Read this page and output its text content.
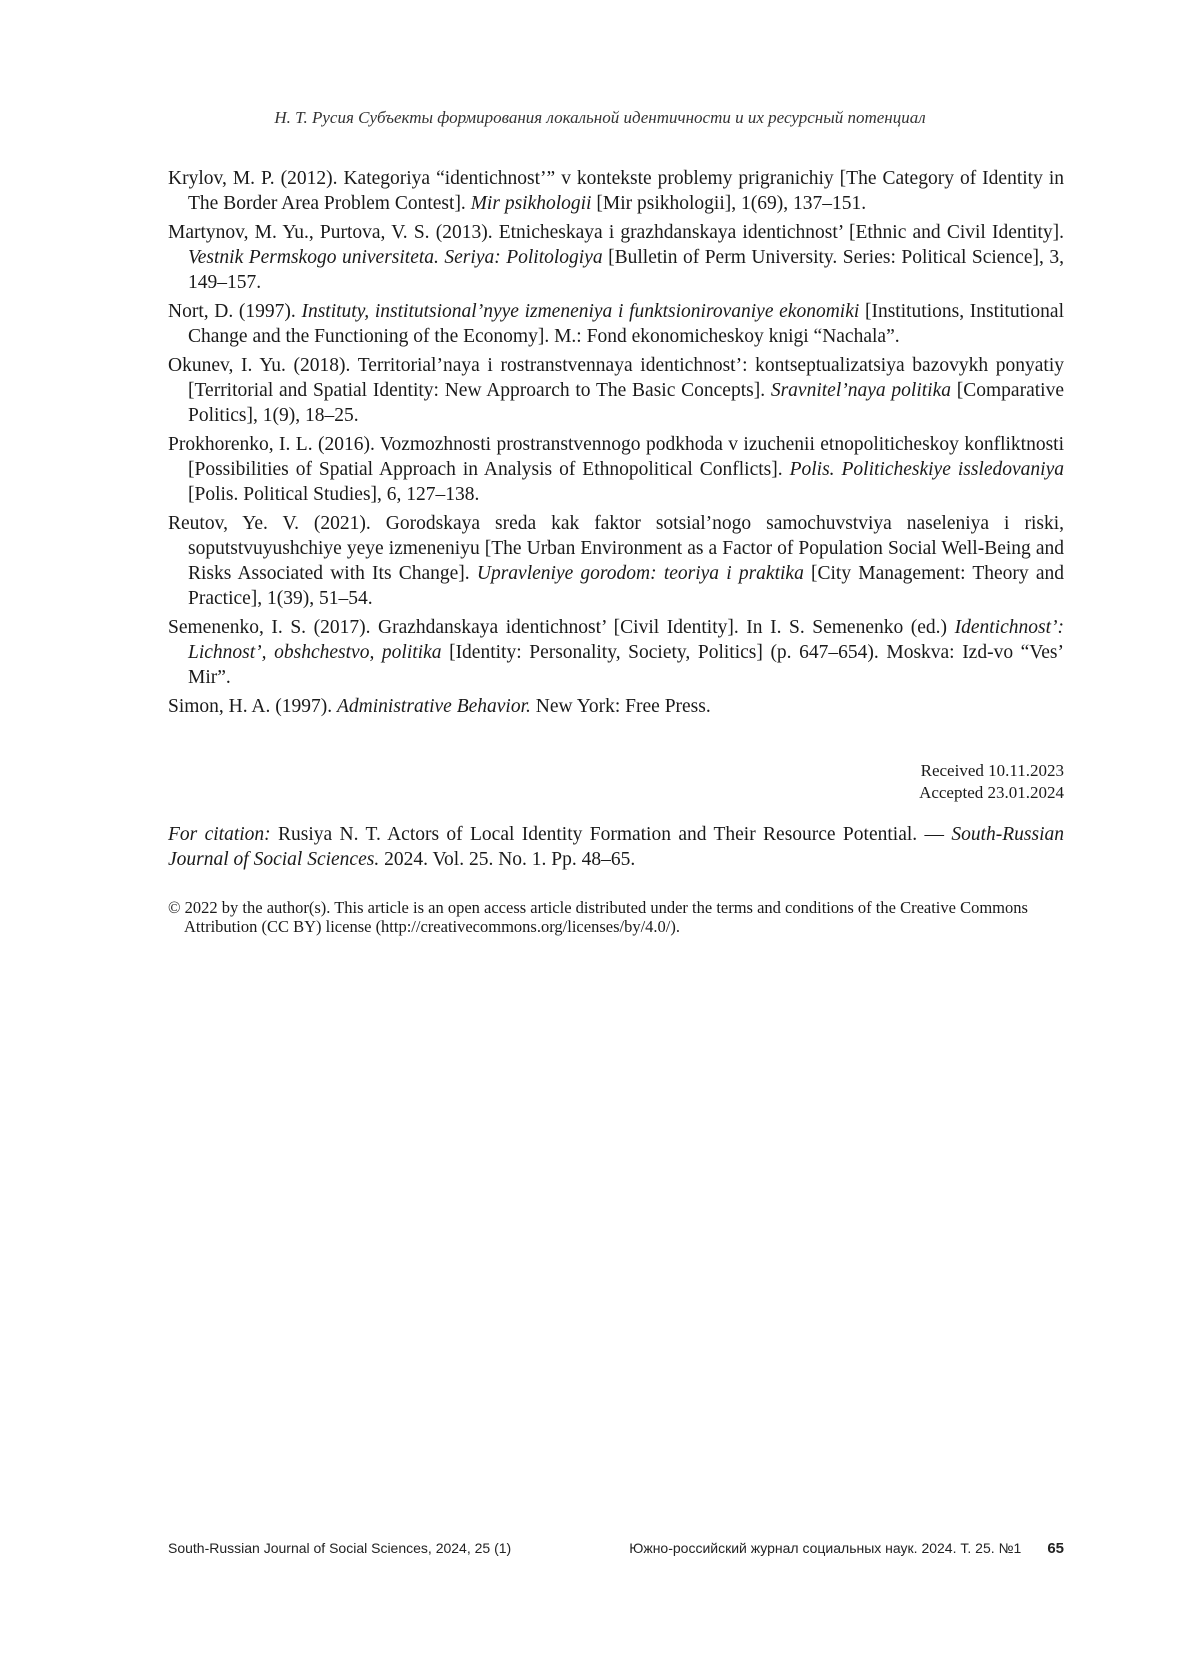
Н. Т. Русия Субъекты формирования локальной идентичности и их ресурсный потенциал
Krylov, M. P. (2012). Kategoriya “identichnost’” v kontekste problemy prigranichiy [The Category of Identity in The Border Area Problem Contest]. Mir psikhologii [Mir psikhologii], 1(69), 137–151.
Martynov, M. Yu., Purtova, V. S. (2013). Etnicheskaya i grazhdanskaya identichnost’ [Ethnic and Civil Identity]. Vestnik Permskogo universiteta. Seriya: Politologiya [Bulletin of Perm University. Series: Political Science], 3, 149–157.
Nort, D. (1997). Instituty, institutsional’nyye izmeneniya i funktsionirovaniye ekonomiki [Institutions, Institutional Change and the Functioning of the Economy]. M.: Fond ekonomicheskoy knigi “Nachala”.
Okunev, I. Yu. (2018). Territorial’naya i rostranstvennaya identichnost’: kontseptualizatsiya bazovykh ponyatiy [Territorial and Spatial Identity: New Approarch to The Basic Concepts]. Sravnitel’naya politika [Comparative Politics], 1(9), 18–25.
Prokhorenko, I. L. (2016). Vozmozhnosti prostranstvennogo podkhoda v izuchenii etnopoliticheskoy konfliktnosti [Possibilities of Spatial Approach in Analysis of Ethnopolitical Conflicts]. Polis. Politicheskiye issledovaniya [Polis. Political Studies], 6, 127–138.
Reutov, Ye. V. (2021). Gorodskaya sreda kak faktor sotsial’nogo samochuvstviya naseleniya i riski, soputstvuyushchiye yeye izmeneniyu [The Urban Environment as a Factor of Population Social Well-Being and Risks Associated with Its Change]. Upravleniye gorodom: teoriya i praktika [City Management: Theory and Practice], 1(39), 51–54.
Semenenko, I. S. (2017). Grazhdanskaya identichnost’ [Civil Identity]. In I. S. Semenenko (ed.) Identichnost’: Lichnost’, obshchestvo, politika [Identity: Personality, Society, Politics] (p. 647–654). Moskva: Izd-vo “Ves’ Mir”.
Simon, H. A. (1997). Administrative Behavior. New York: Free Press.
Received 10.11.2023
Accepted 23.01.2024
For citation: Rusiya N. T. Actors of Local Identity Formation and Their Resource Potential. — South-Russian Journal of Social Sciences. 2024. Vol. 25. No. 1. Pp. 48–65.
© 2022 by the author(s). This article is an open access article distributed under the terms and conditions of the Creative Commons Attribution (CC BY) license (http://creativecommons.org/licenses/by/4.0/).
South-Russian Journal of Social Sciences, 2024, 25 (1)	Южно-российский журнал социальных наук. 2024. Т. 25. №1 65
